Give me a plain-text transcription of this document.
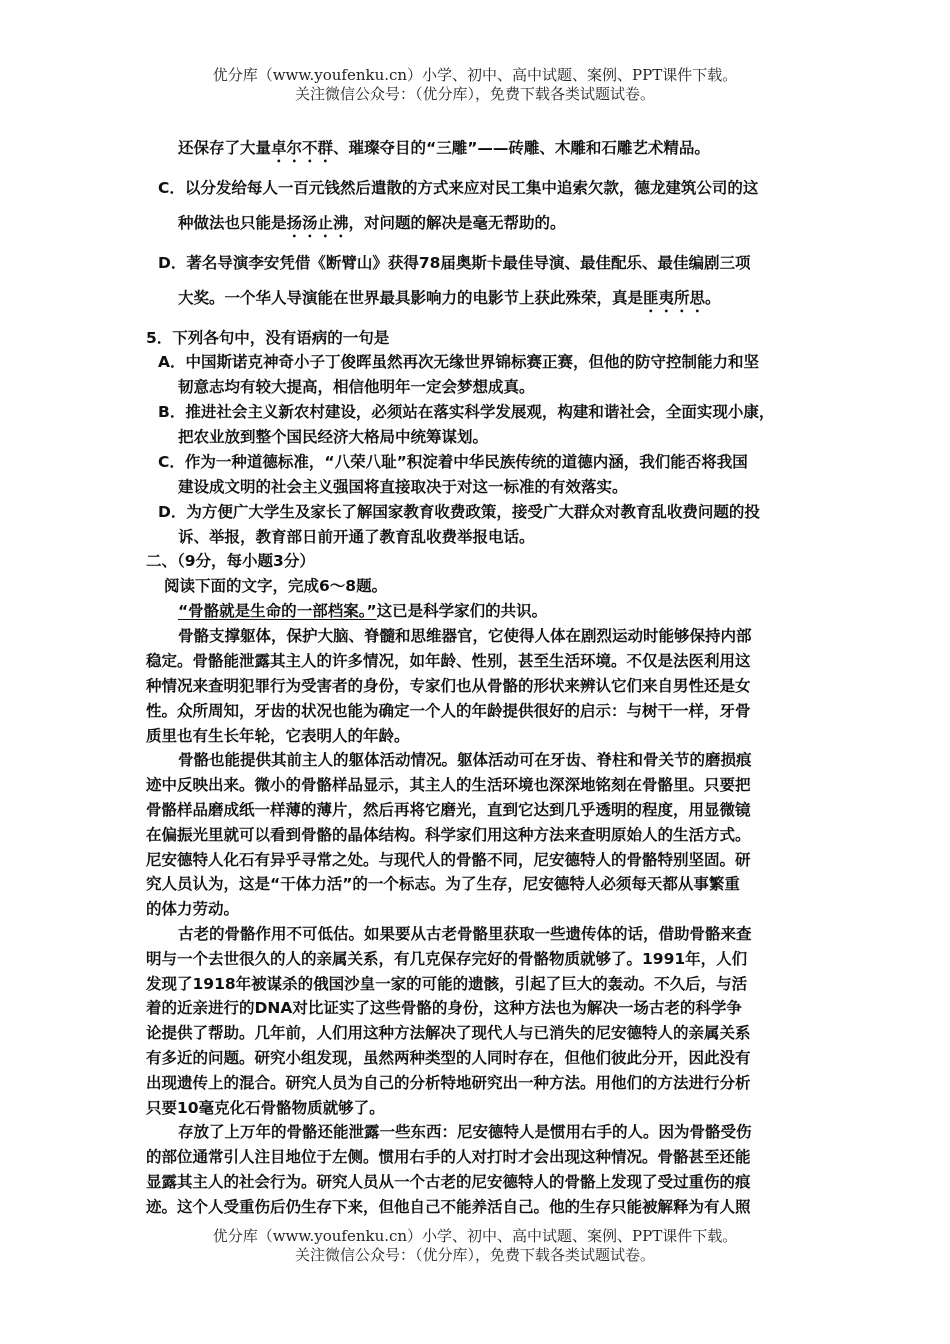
优分库（www.youfenku.cn）小学、初中、高中试题、案例、PPT课件下载。
关注微信公众号：（优分库），免费下载各类试题试卷。
还保存了大量卓尔不群、璀璨夺目的“三雕”——砖雕、木雕和石雕艺术精品。
C．以分发给每人一百元钱然后遣散的方式来应对民工集中追索欠款，德龙建筑公司的这
种做法也只能是扬汤止沸，对问题的解决是毫无帮助的。
D．著名导演李安凭借《断臂山》获得78届奥斯卡最佳导演、最佳配乐、最佳编剧三项
大奖。一个华人导演能在世界最具影响力的电影节上获此殊荣，真是匪夷所思。
5．下列各句中，没有语病的一句是
A．中国斯诺克神奇小子丁俊晖虽然再次无缘世界锦标赛正赛，但他的防守控制能力和坚
韧意志均有较大提高，相信他明年一定会梦想成真。
B．推进社会主义新农村建设，必须站在落实科学发展观，构建和谐社会，全面实现小康，
把农业放到整个国民经济大格局中统筹谋划。
C．作为一种道德标准，“八荣八耻”积淀着中华民族传统的道德内涵，我们能否将我国
建设成文明的社会主义强国将直接取决于对这一标准的有效落实。
D．为方便广大学生及家长了解国家教育收费政策，接受广大群众对教育乱收费问题的投
诉、举报，教育部日前开通了教育乱收费举报电话。
二、（9分，每小题3分）
阅读下面的文字，完成6～8题。
“骨骼就是生命的一部档案。”这已是科学家们的共识。
骨骼支撑躯体，保护大脑、脊髓和思维器官，它使得人体在剧烈运动时能够保持内部
稳定。骨骼能泄露其主人的许多情况，如年龄、性别，甚至生活环境。不仅是法医利用这
种情况来查明犯罪行为受害者的身份，专家们也从骨骼的形状来辨认它们来自男性还是女
性。众所周知，牙齿的状况也能为确定一个人的年龄提供很好的启示：与树干一样，牙骨
质里也有生长年轮，它表明人的年龄。
骨骼也能提供其前主人的躯体活动情况。躯体活动可在牙齿、脊柱和骨关节的磨损痕
迹中反映出来。微小的骨骼样品显示，其主人的生活环境也深深地铭刻在骨骼里。只要把
骨骼样品磨成纸一样薄的薄片，然后再将它磨光，直到它达到几乎透明的程度，用显微镜
在偏振光里就可以看到骨骼的晶体结构。科学家们用这种方法来查明原始人的生活方式。
尼安德特人化石有异乎寻常之处。与现代人的骨骼不同，尼安德特人的骨骼特别坚固。研
究人员认为，这是“干体力活”的一个标志。为了生存，尼安德特人必须每天都从事繁重
的体力劳动。
古老的骨骼作用不可低估。如果要从古老骨骼里获取一些遗传体的话，借助骨骼来查
明与一个去世很久的人的亲属关系，有几克保存完好的骨骼物质就够了。1991年，人们
发现了1918年被谋杀的俄国沙皇一家的可能的遗骸，引起了巨大的轰动。不久后，与活
着的近亲进行的DNA对比证实了这些骨骼的身份，这种方法也为解决一场古老的科学争
论提供了帮助。几年前，人们用这种方法解决了现代人与已消失的尼安德特人的亲属关系
有多近的问题。研究小组发现，虽然两种类型的人同时存在，但他们彼此分开，因此没有
出现遗传上的混合。研究人员为自己的分析特地研究出一种方法。用他们的方法进行分析
只要10毫克化石骨骼物质就够了。
存放了上万年的骨骼还能泄露一些东西：尼安德特人是惯用右手的人。因为骨骼受伤
的部位通常引人注目地位于左侧。惯用右手的人对打时才会出现这种情况。骨骼甚至还能
显露其主人的社会行为。研究人员从一个古老的尼安德特人的骨骼上发现了受过重伤的痕
迹。这个人受重伤后仍生存下来，但他自己不能养活自己。他的生存只能被解释为有人照
优分库（www.youfenku.cn）小学、初中、高中试题、案例、PPT课件下载。
关注微信公众号：（优分库），免费下载各类试题试卷。
